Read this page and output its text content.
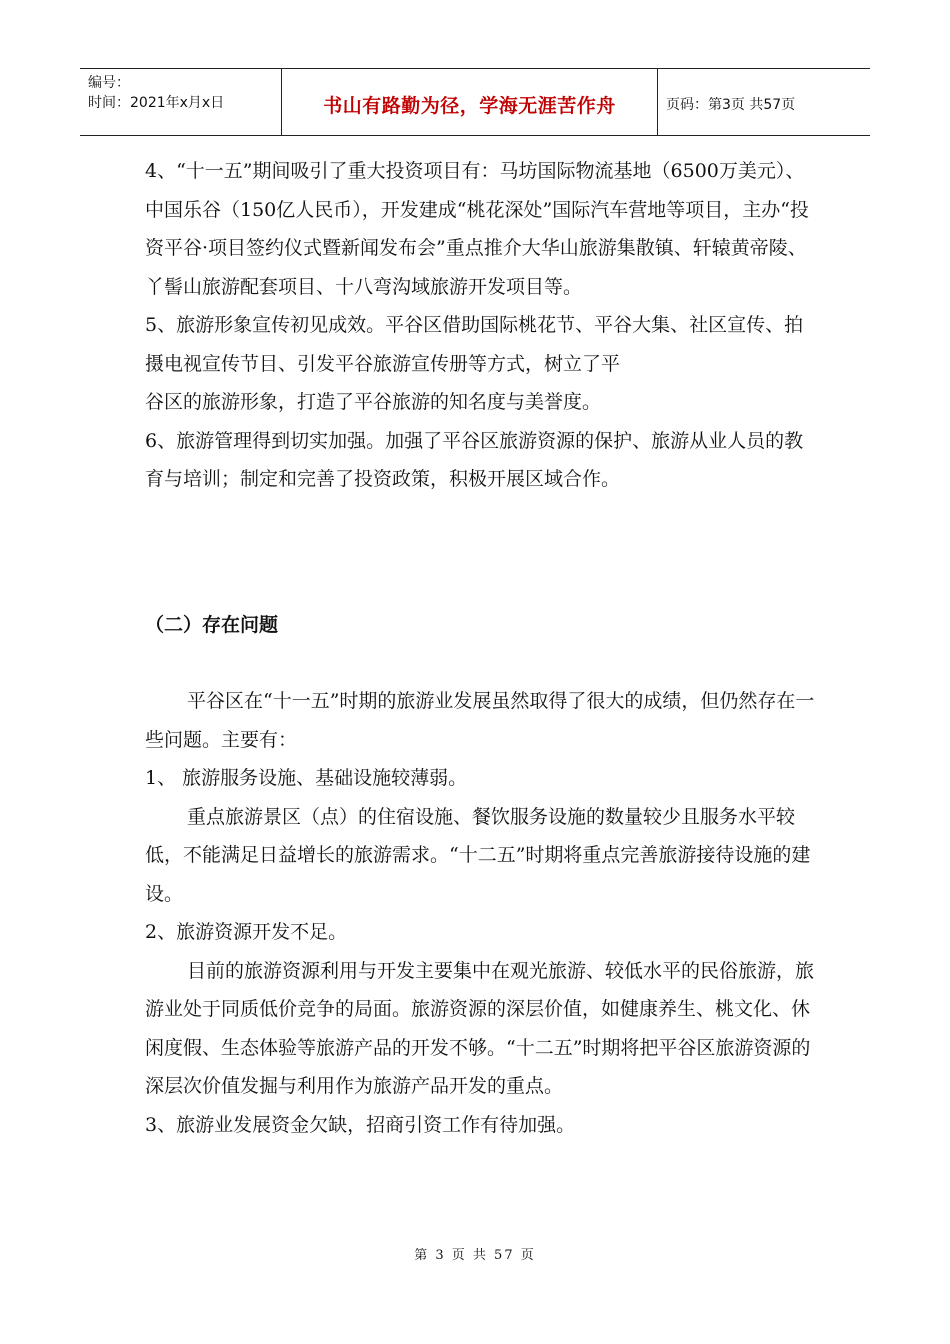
编号：
时间：2021年x月x日	书山有路勤为径，学海无涯苦作舟	页码：第3页 共57页

4、“十一五”期间吸引了重大投资项目有：马坊国际物流基地（6500万美元）、中国乐谷（150亿人民币），开发建成“桃花深处”国际汽车营地等项目，主办“投资平谷·项目签约仪式暨新闻发布会”重点推介大华山旅游集散镇、轩辕黄帝陵、丫髻山旅游配套项目、十八弯沟域旅游开发项目等。

5、旅游形象宣传初见成效。平谷区借助国际桃花节、平谷大集、社区宣传、拍摄电视宣传节目、引发平谷旅游宣传册等方式，树立了平

谷区的旅游形象，打造了平谷旅游的知名度与美誉度。

6、旅游管理得到切实加强。加强了平谷区旅游资源的保护、旅游从业人员的教育与培训；制定和完善了投资政策，积极开展区域合作。

（二）存在问题

平谷区在“十一五”时期的旅游业发展虽然取得了很大的成绩，但仍然存在一些问题。主要有：

1、 旅游服务设施、基础设施较薄弱。

重点旅游景区（点）的住宿设施、餐饮服务设施的数量较少且服务水平较低，不能满足日益增长的旅游需求。“十二五”时期将重点完善旅游接待设施的建设。

2、旅游资源开发不足。

目前的旅游资源利用与开发主要集中在观光旅游、较低水平的民俗旅游，旅游业处于同质低价竞争的局面。旅游资源的深层价值，如健康养生、桃文化、休闲度假、生态体验等旅游产品的开发不够。“十二五”时期将把平谷区旅游资源的深层次价值发掘与利用作为旅游产品开发的重点。

3、旅游业发展资金欠缺，招商引资工作有待加强。

第 3 页 共 57 页
